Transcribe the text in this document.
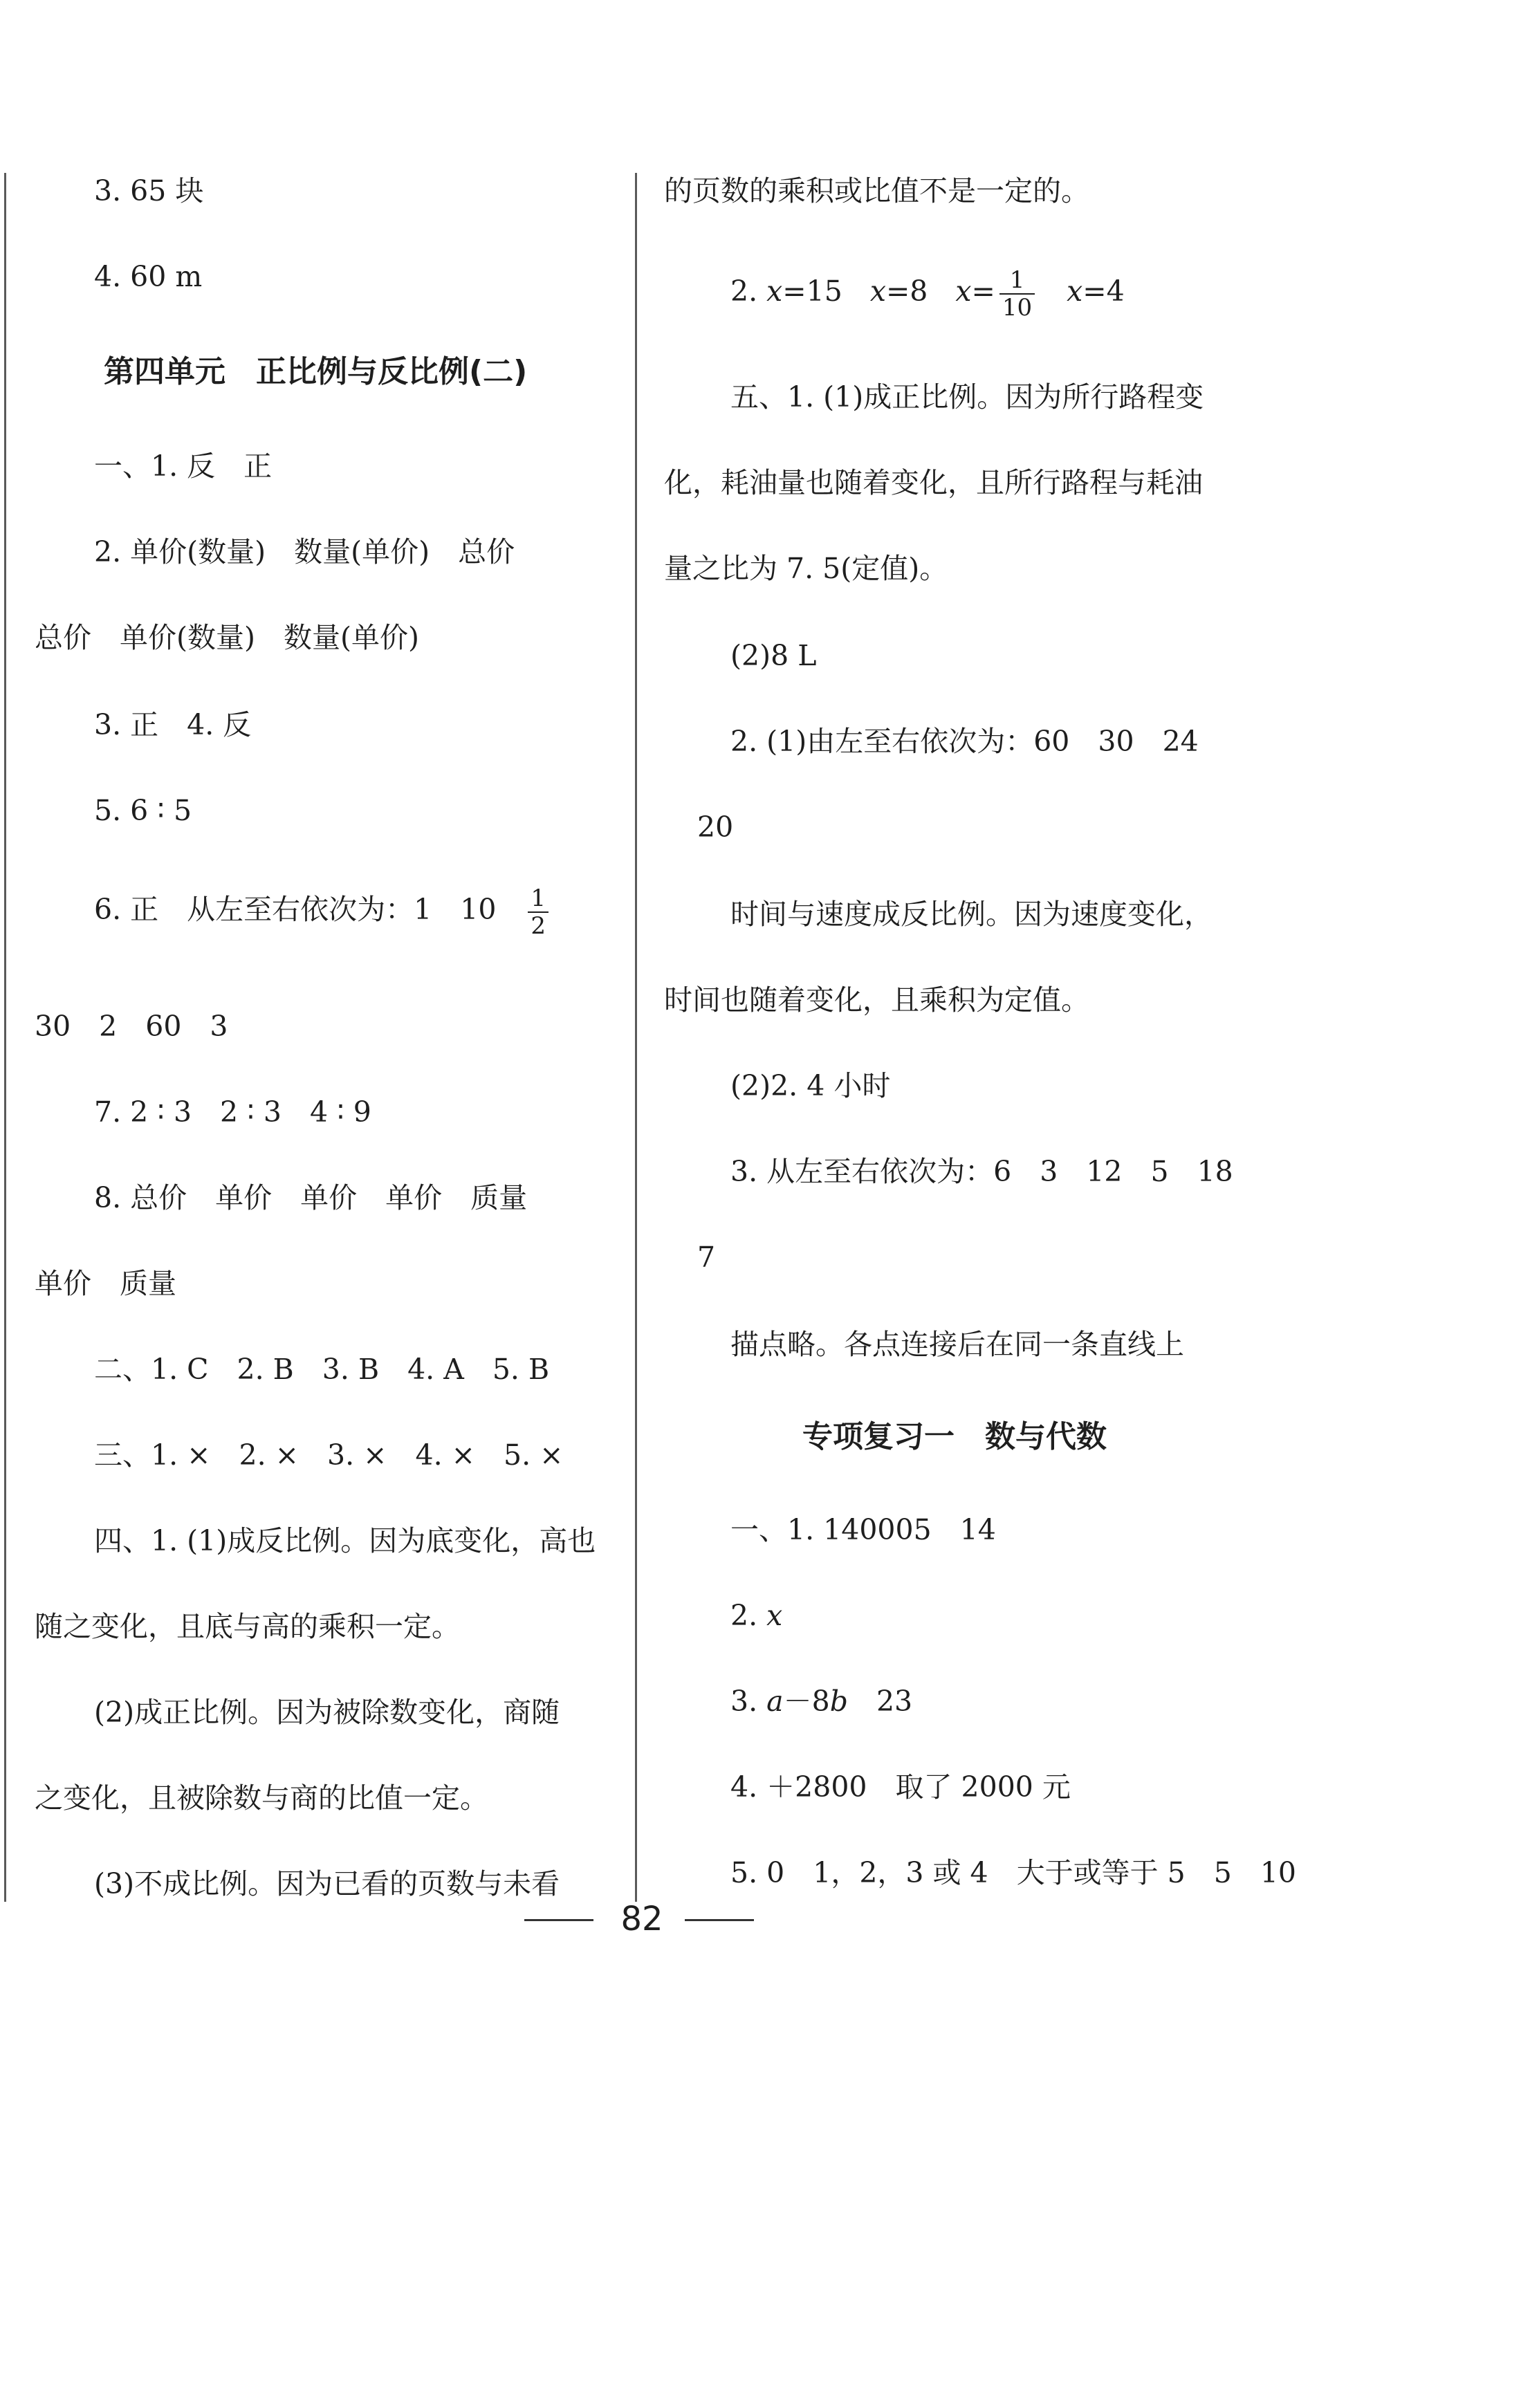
3. 65 块
4. 60 m
第四单元　正比例与反比例(二)
一、1. 反　正
2. 单价(数量)　数量(单价)　总价
总价　单价(数量)　数量(单价)
3. 正　4. 反
5. 6 ∶ 5
6. 正　从左至右依次为：1　$10 \frac{1}{2}$
30　2　60　3
7. 2 ∶ 3　2 ∶ 3　4 ∶ 9
8. 总价　单价　单价　单价　质量
单价　质量
二、1. C　2. B　3. B　4. A　5. B
三、1. ×　2. ×　3. ×　4. ×　5. ×
四、1. (1)成反比例。因为底变化，高也
随之变化，且底与高的乘积一定。
(2)成正比例。因为被除数变化，商随
之变化，且被除数与商的比值一定。
(3)不成比例。因为已看的页数与未看
的页数的乘积或比值不是一定的。
2. x=15 x=8 $x= \frac{1}{10} x=4$
五、1. (1)成正比例。因为所行路程变
化，耗油量也随着变化，且所行路程与耗油
量之比为 7. 5(定值)。
(2)8 L
2. (1)由左至右依次为：60　30　24
20
时间与速度成反比例。因为速度变化，
时间也随着变化，且乘积为定值。
(2)2. 4 小时
3. 从左至右依次为：6　3　12　5　18
7
描点略。各点连接后在同一条直线上
专项复习一　数与代数
一、1. 140005　14
2. x
3. a－8b　23
4. ＋2800　取了 2000 元
5. 0　1，2，3 或 4　大于或等于 5　5　10
82
